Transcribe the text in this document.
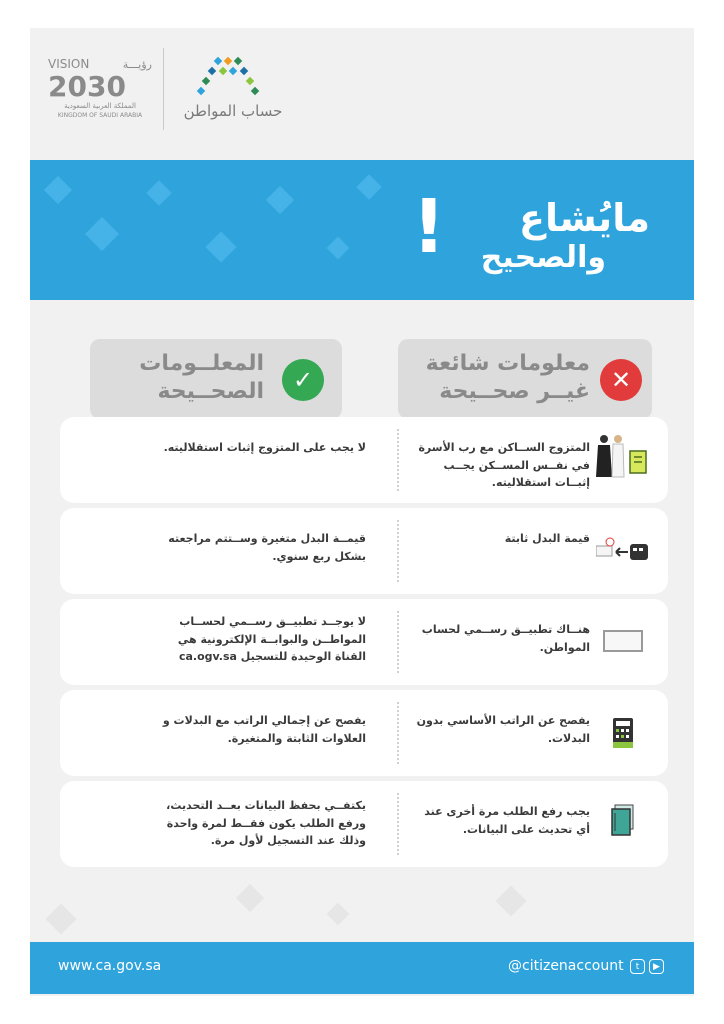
VISION	رؤيـــة
2030
المملكة العربية السعودية
KINGDOM OF SAUDI ARABIA	حساب المواطن
مايُشاع
والصحيح
!
معلومات شائعة
غيــر صحــيحة ✕
المعلــومات
الصحــيحة	✓
المتزوج الســاكن مع رب الأسرة في نفــس المســكن يجــب إثبــات استقلاليته.
لا يجب على المتزوج إثبات استقلاليته.
قيمة البدل ثابتة
قيمــة البدل متغيرة وســتتم مراجعته بشكل ربع سنوي.
هنــاك تطبيــق رســمي لحساب المواطن.
لا يوجــد تطبيــق رســمي لحســاب المواطــن والبوابــة الإلكترونية هي القناة الوحيدة للتسجيل ca.ogv.sa
يفصح عن الراتب الأساسي بدون البدلات.
يفصح عن إجمالي الراتب مع البدلات و العلاوات الثابتة والمتغيرة.
يجب رفع الطلب مرة أخرى عند أي تحديث على البيانات.
يكتفــي بحفظ البيانات بعــد التحديث، ورفع الطلب يكون فقــط لمرة واحدة وذلك عند التسجيل لأول مرة.
www.ca.gov.sa	@citizenaccount	t	▶
